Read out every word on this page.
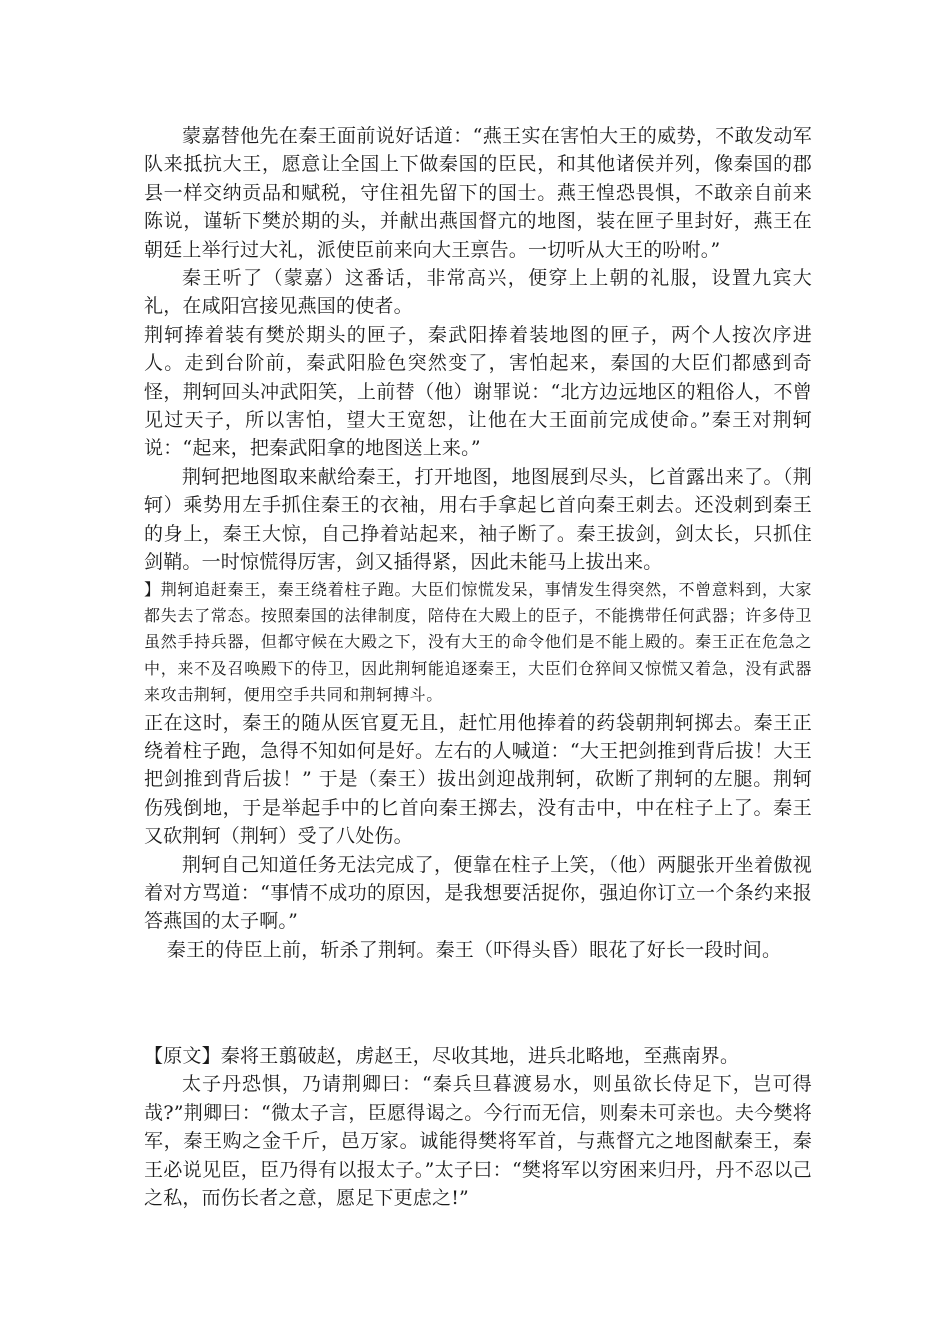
蒙嘉替他先在秦王面前说好话道：“燕王实在害怕大王的威势，不敢发动军队来抵抗大王，愿意让全国上下做秦国的臣民，和其他诸侯并列，像秦国的郡县一样交纳贡品和赋税，守住祖先留下的国士。燕王惶恐畏惧，不敢亲自前来陈说，谨斩下樊於期的头，并献出燕国督亢的地图，装在匣子里封好，燕王在朝廷上举行过大礼，派使臣前来向大王禀告。一切听从大王的吩咐。”

秦王听了（蒙嘉）这番话，非常高兴，便穿上上朝的礼服，设置九宾大礼，在咸阳宫接见燕国的使者。

荆轲捧着装有樊於期头的匣子，秦武阳捧着装地图的匣子，两个人按次序进人。走到台阶前，秦武阳脸色突然变了，害怕起来，秦国的大臣们都感到奇怪，荆轲回头冲武阳笑，上前替（他）谢罪说：“北方边远地区的粗俗人，不曾见过天子，所以害怕，望大王宽恕，让他在大王面前完成使命。”秦王对荆轲说：“起来，把秦武阳拿的地图送上来。”

荆轲把地图取来献给秦王，打开地图，地图展到尽头，匕首露出来了。（荆轲）乘势用左手抓住秦王的衣袖，用右手拿起匕首向秦王刺去。还没刺到秦王的身上，秦王大惊，自己挣着站起来，袖子断了。秦王拔剑，剑太长，只抓住剑鞘。一时惊慌得厉害，剑又插得紧，因此未能马上拔出来。

】荆轲追赶秦王，秦王绕着柱子跑。大臣们惊慌发呆，事情发生得突然，不曾意料到，大家都失去了常态。按照秦国的法律制度，陪侍在大殿上的臣子，不能携带任何武器；许多侍卫虽然手持兵器，但都守候在大殿之下，没有大王的命令他们是不能上殿的。秦王正在危急之中，来不及召唤殿下的侍卫，因此荆轲能追逐秦王，大臣们仓猝间又惊慌又着急，没有武器来攻击荆轲，便用空手共同和荆轲搏斗。

正在这时，秦王的随从医官夏无且，赶忙用他捧着的药袋朝荆轲掷去。秦王正绕着柱子跑，急得不知如何是好。左右的人喊道：“大王把剑推到背后拔！大王把剑推到背后拔！” 于是（秦王）拔出剑迎战荆轲，砍断了荆轲的左腿。荆轲伤残倒地，于是举起手中的匕首向秦王掷去，没有击中，中在柱子上了。秦王又砍荆轲（荆轲）受了八处伤。

荆轲自己知道任务无法完成了，便靠在柱子上笑，（他）两腿张开坐着傲视着对方骂道：“事情不成功的原因，是我想要活捉你，强迫你订立一个条约来报答燕国的太子啊。”

秦王的侍臣上前，斩杀了荆轲。秦王（吓得头昏）眼花了好长一段时间。

【原文】秦将王翦破赵，虏赵王，尽收其地，进兵北略地，至燕南界。

太子丹恐惧，乃请荆卿曰：“秦兵旦暮渡易水，则虽欲长侍足下，岂可得哉?”荆卿曰：“微太子言，臣愿得谒之。今行而无信，则秦未可亲也。夫今樊将军，秦王购之金千斤，邑万家。诚能得樊将军首，与燕督亢之地图献秦王，秦王必说见臣，臣乃得有以报太子。”太子曰：“樊将军以穷困来归丹，丹不忍以己之私，而伤长者之意，愿足下更虑之!”
